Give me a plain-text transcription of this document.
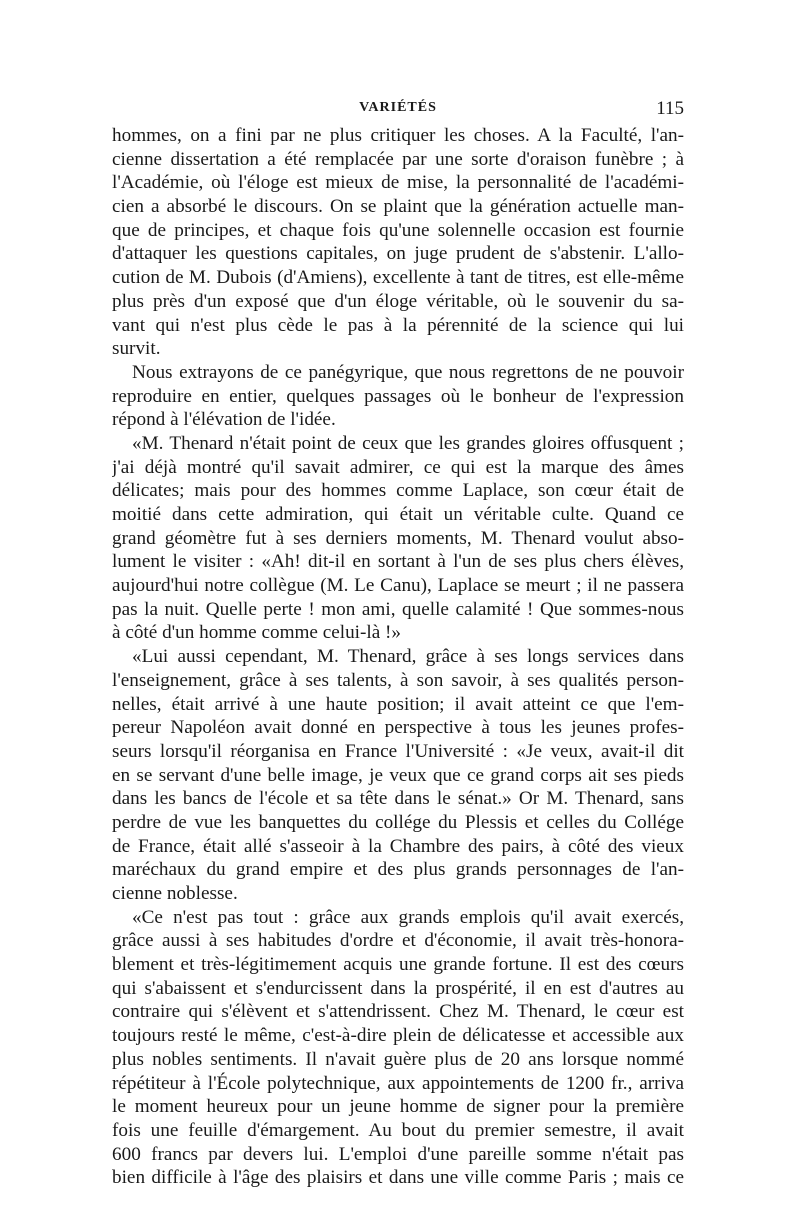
VARIÉTÉS	115
hommes, on a fini par ne plus critiquer les choses. A la Faculté, l'an-
cienne dissertation a été remplacée par une sorte d'oraison funèbre ; à
l'Académie, où l'éloge est mieux de mise, la personnalité de l'académi-
cien a absorbé le discours. On se plaint que la génération actuelle man-
que de principes, et chaque fois qu'une solennelle occasion est fournie
d'attaquer les questions capitales, on juge prudent de s'abstenir. L'allo-
cution de M. Dubois (d'Amiens), excellente à tant de titres, est elle-même
plus près d'un exposé que d'un éloge véritable, où le souvenir du sa-
vant qui n'est plus cède le pas à la pérennité de la science qui lui
survit.
Nous extrayons de ce panégyrique, que nous regrettons de ne pouvoir
reproduire en entier, quelques passages où le bonheur de l'expression
répond à l'élévation de l'idée.
«M. Thenard n'était point de ceux que les grandes gloires offusquent ;
j'ai déjà montré qu'il savait admirer, ce qui est la marque des âmes
délicates; mais pour des hommes comme Laplace, son cœur était de
moitié dans cette admiration, qui était un véritable culte. Quand ce
grand géomètre fut à ses derniers moments, M. Thenard voulut abso-
lument le visiter : «Ah! dit-il en sortant à l'un de ses plus chers élèves,
aujourd'hui notre collègue (M. Le Canu), Laplace se meurt ; il ne passera
pas la nuit. Quelle perte ! mon ami, quelle calamité ! Que sommes-nous
à côté d'un homme comme celui-là !»
«Lui aussi cependant, M. Thenard, grâce à ses longs services dans
l'enseignement, grâce à ses talents, à son savoir, à ses qualités person-
nelles, était arrivé à une haute position; il avait atteint ce que l'em-
pereur Napoléon avait donné en perspective à tous les jeunes profes-
seurs lorsqu'il réorganisa en France l'Université : «Je veux, avait-il dit
en se servant d'une belle image, je veux que ce grand corps ait ses pieds
dans les bancs de l'école et sa tête dans le sénat.» Or M. Thenard, sans
perdre de vue les banquettes du collége du Plessis et celles du Collége
de France, était allé s'asseoir à la Chambre des pairs, à côté des vieux
maréchaux du grand empire et des plus grands personnages de l'an-
cienne noblesse.
«Ce n'est pas tout : grâce aux grands emplois qu'il avait exercés,
grâce aussi à ses habitudes d'ordre et d'économie, il avait très-honora-
blement et très-légitimement acquis une grande fortune. Il est des cœurs
qui s'abaissent et s'endurcissent dans la prospérité, il en est d'autres au
contraire qui s'élèvent et s'attendrissent. Chez M. Thenard, le cœur est
toujours resté le même, c'est-à-dire plein de délicatesse et accessible aux
plus nobles sentiments. Il n'avait guère plus de 20 ans lorsque nommé
répétiteur à l'École polytechnique, aux appointements de 1200 fr., arriva
le moment heureux pour un jeune homme de signer pour la première
fois une feuille d'émargement. Au bout du premier semestre, il avait
600 francs par devers lui. L'emploi d'une pareille somme n'était pas
bien difficile à l'âge des plaisirs et dans une ville comme Paris ; mais ce
